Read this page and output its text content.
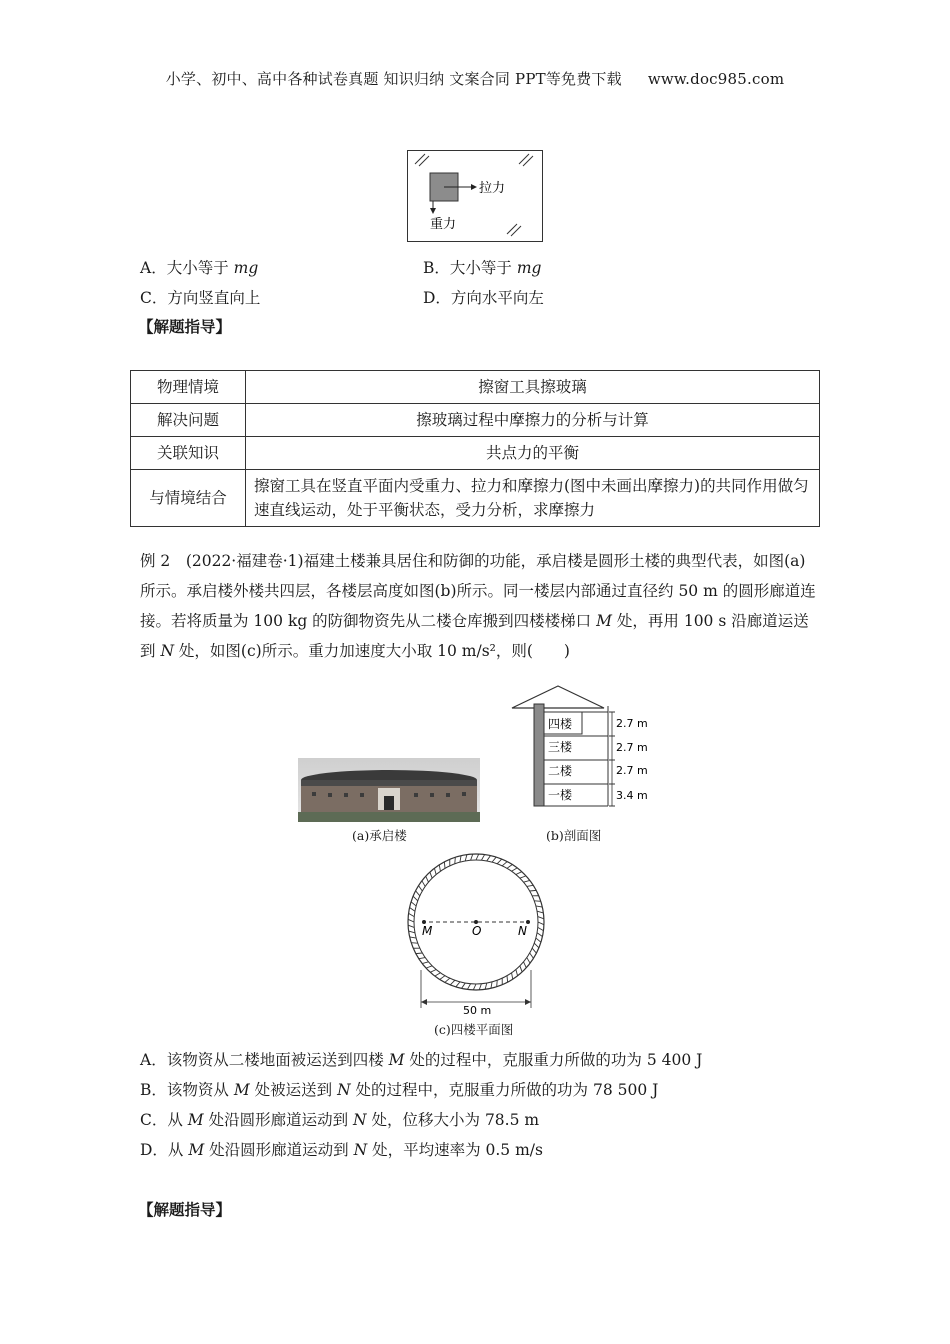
小学、初中、高中各种试卷真题 知识归纳 文案合同 PPT等免费下载 www.doc985.com
拉力
重力
A．大小等于 mg	B．大小等于 mg
C．方向竖直向上	D．方向水平向左
【解题指导】
物理情境	擦窗工具擦玻璃
解决问题	擦玻璃过程中摩擦力的分析与计算
关联知识	共点力的平衡
与情境结合	擦窗工具在竖直平面内受重力、拉力和摩擦力(图中未画出摩擦力)的共同作用做匀速直线运动，处于平衡状态，受力分析，求摩擦力
例 2　 (2022·福建卷·1)福建土楼兼具居住和防御的功能，承启楼是圆形土楼的典型代表，如图(a)所示。承启楼外楼共四层，各楼层高度如图(b)所示。同一楼层内部通过直径约 50 m 的圆形廊道连接。若将质量为 100 kg 的防御物资先从二楼仓库搬到四楼楼梯口 M 处，再用 100 s 沿廊道运送到 N 处，如图(c)所示。重力加速度大小取 10 m/s²，则(　　)
(a)承启楼
四楼
三楼
二楼
一楼
2.7 m
2.7 m
2.7 m
3.4 m
(b)剖面图
M	O	N
50 m
(c)四楼平面图
A．该物资从二楼地面被运送到四楼 M 处的过程中，克服重力所做的功为 5 400 J
B．该物资从 M 处被运送到 N 处的过程中，克服重力所做的功为 78 500 J
C．从 M 处沿圆形廊道运动到 N 处，位移大小为 78.5 m
D．从 M 处沿圆形廊道运动到 N 处，平均速率为 0.5 m/s
【解题指导】
